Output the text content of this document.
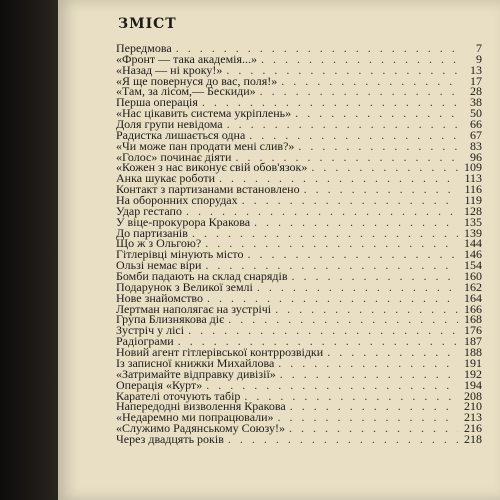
ЗМІСТ
Передмова . . .	7
«Фронт — така академія...» . . .	9
«Назад — ні кроку!» . . .	13
«Я ще повернуся до вас, поля!» . . .	17
«Там, за лісом,— Бескиди» . . .	28
Перша операція . . .	38
«Нас цікавить система укріплень» . . .	50
Доля групи невідома . . .	66
Радистка лишається одна . . .	67
«Чи може пан продати мені слив?» . . .	83
«Голос» починає діяти . . .	96
«Кожен з нас виконує свій обов'язок» . . .	109
Анка шукає роботи . . .	113
Контакт з партизанами встановлено . . .	116
На оборонних спорудах . . .	119
Удар гестапо . . .	128
У віце-прокурора Кракова . . .	135
До партизанів . . .	139
Що ж з Ольгою? . . .	144
Гітлерівці мінують місто . . .	146
Ользі немає віри . . .	154
Бомби падають на склад снарядів . . .	160
Подарунок з Великої землі . . .	162
Нове знайомство . . .	164
Лертман наполягає на зустрічі . . .	166
Група Близнякова діє . . .	168
Зустріч у лісі . . .	176
Радіограми . . .	187
Новий агент гітлерівської контррозвідки . . .	188
Із записної книжки Михайлова . . .	191
«Затримайте відправку дивізії» . . .	192
Операція «Курт» . . .	194
Карателі оточують табір . . .	208
Напередодні визволення Кракова . . .	210
«Недаремно ми попрацювали» . . .	213
«Служимо Радянському Союзу!» . . .	216
Через двадцять років . . .	218
